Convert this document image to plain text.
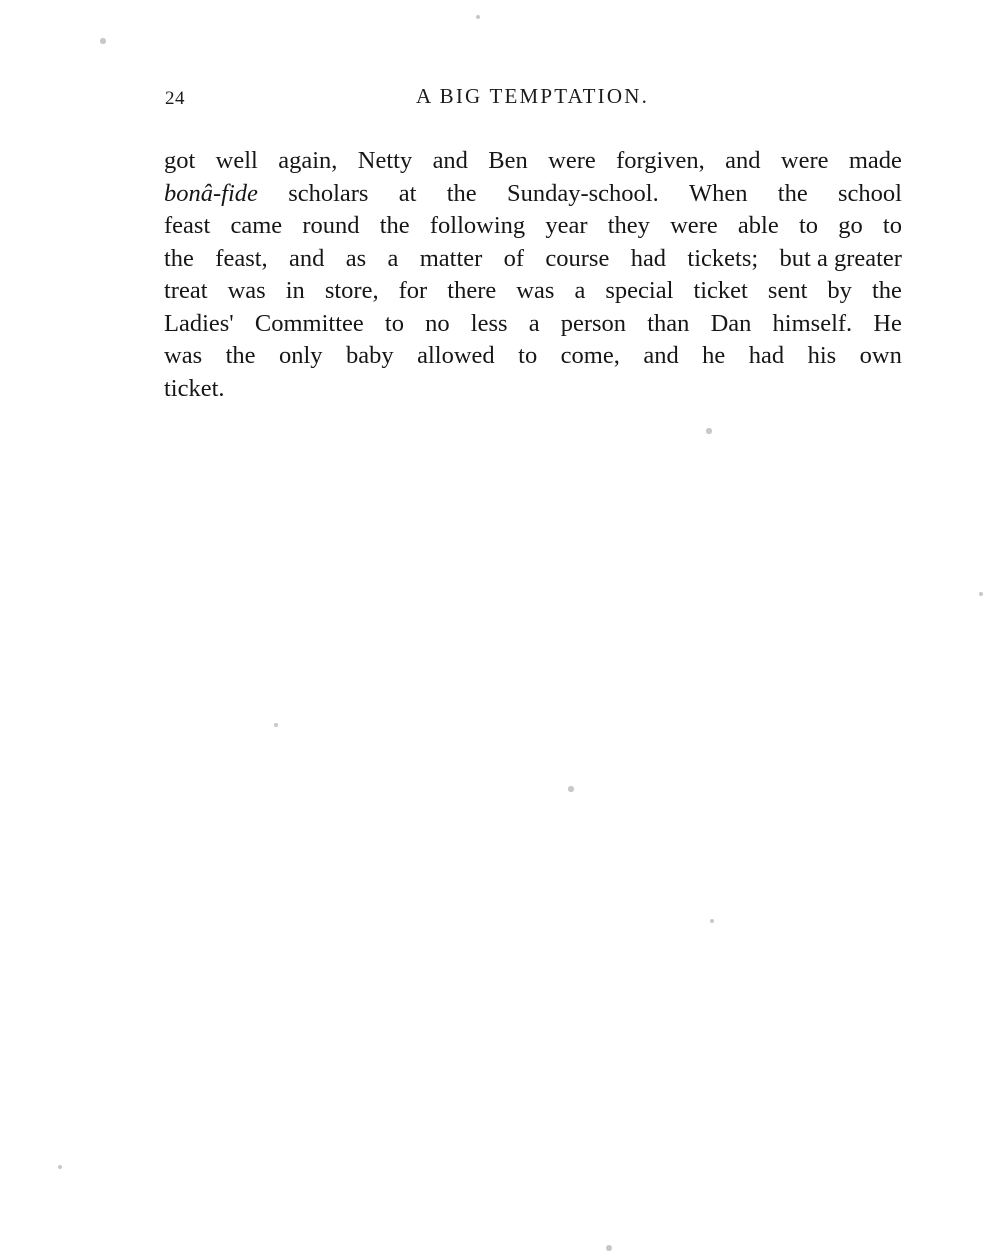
24	A BIG TEMPTATION.
got well again, Netty and Ben were forgiven, and were made
bonâ-fide scholars at the Sunday-school. When the school
feast came round the following year they were able to go to
the feast, and as a matter of course had tickets; but a greater
treat was in store, for there was a special ticket sent by the
Ladies' Committee to no less a person than Dan himself. He
was the only baby allowed to come, and he had his own
ticket.
